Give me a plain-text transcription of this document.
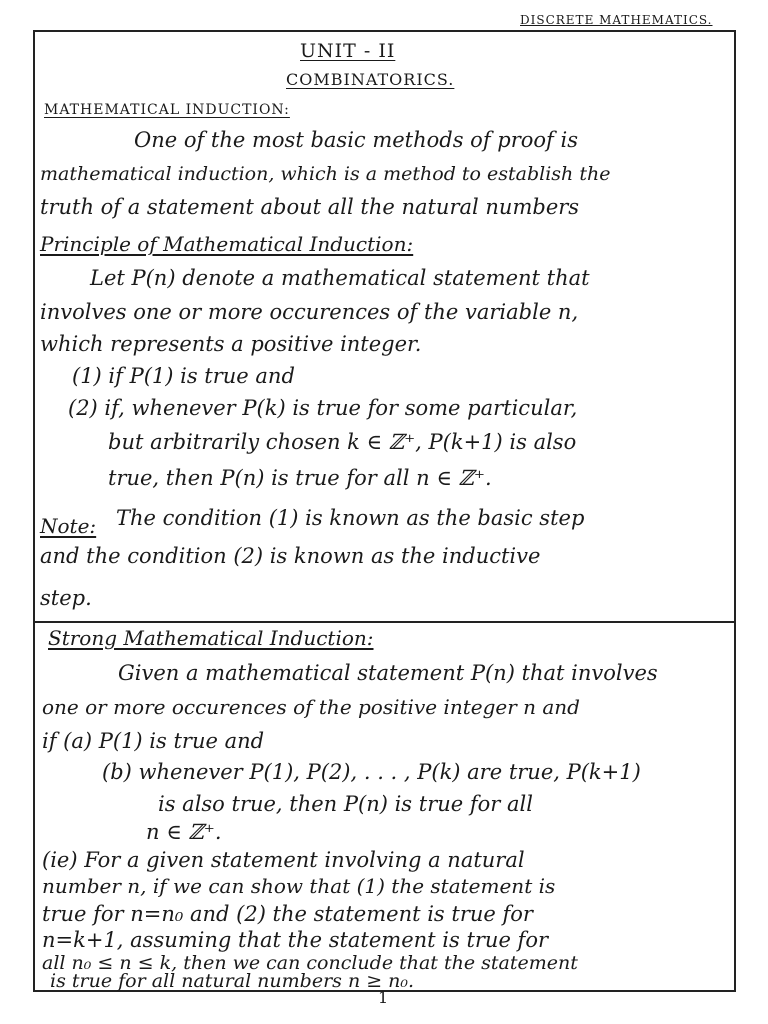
DISCRETE MATHEMATICS.
UNIT - II
COMBINATORICS.
MATHEMATICAL INDUCTION:
One of the most basic methods of proof is
mathematical induction, which is a method to establish the
truth of a statement about all the natural numbers
Principle of Mathematical Induction:
Let P(n) denote a mathematical statement that
involves one or more occurences of the variable n,
which represents a positive integer.
(1) if P(1) is true and
(2) if, whenever P(k) is true for some particular,
but arbitrarily chosen k ∈ ℤ⁺, P(k+1) is also
true, then P(n) is true for all n ∈ ℤ⁺.
Note: The condition (1) is known as the basic step
and the condition (2) is known as the inductive
step.
Strong Mathematical Induction:
Given a mathematical statement P(n) that involves
one or more occurences of the positive integer n and
if (a) P(1) is true and
(b) whenever P(1), P(2), . . . , P(k) are true, P(k+1)
is also true, then P(n) is true for all
n ∈ ℤ⁺.
(ie) For a given statement involving a natural
number n, if we can show that (1) the statement is
true for n=n₀ and (2) the statement is true for
n=k+1, assuming that the statement is true for
all n₀ ≤ n ≤ k, then we can conclude that the statement
is true for all natural numbers n ≥ n₀.
1
